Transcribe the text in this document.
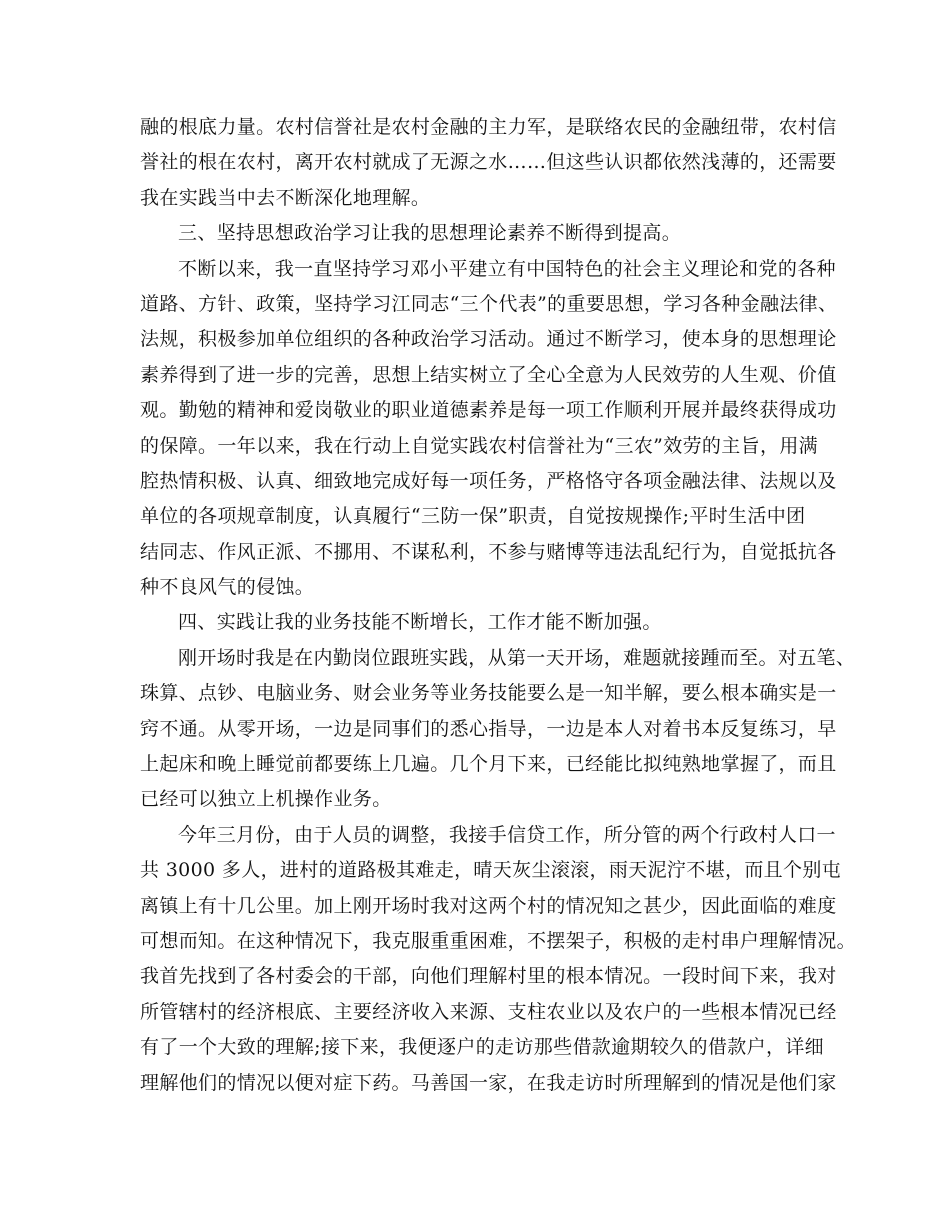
融的根底力量。农村信誉社是农村金融的主力军，是联络农民的金融纽带，农村信
誉社的根在农村，离开农村就成了无源之水……但这些认识都依然浅薄的，还需要
我在实践当中去不断深化地理解。
三、坚持思想政治学习让我的思想理论素养不断得到提高。
不断以来，我一直坚持学习邓小平建立有中国特色的社会主义理论和党的各种
道路、方针、政策，坚持学习江同志“三个代表”的重要思想，学习各种金融法律、
法规，积极参加单位组织的各种政治学习活动。通过不断学习，使本身的思想理论
素养得到了进一步的完善，思想上结实树立了全心全意为人民效劳的人生观、价值
观。勤勉的精神和爱岗敬业的职业道德素养是每一项工作顺利开展并最终获得成功
的保障。一年以来，我在行动上自觉实践农村信誉社为“三农”效劳的主旨，用满
腔热情积极、认真、细致地完成好每一项任务，严格恪守各项金融法律、法规以及
单位的各项规章制度，认真履行“三防一保”职责，自觉按规操作;平时生活中团
结同志、作风正派、不挪用、不谋私利，不参与赌博等违法乱纪行为，自觉抵抗各
种不良风气的侵蚀。
四、实践让我的业务技能不断增长，工作才能不断加强。
刚开场时我是在内勤岗位跟班实践，从第一天开场，难题就接踵而至。对五笔、
珠算、点钞、电脑业务、财会业务等业务技能要么是一知半解，要么根本确实是一
窍不通。从零开场，一边是同事们的悉心指导，一边是本人对着书本反复练习，早
上起床和晚上睡觉前都要练上几遍。几个月下来，已经能比拟纯熟地掌握了，而且
已经可以独立上机操作业务。
今年三月份，由于人员的调整，我接手信贷工作，所分管的两个行政村人口一
共 3000 多人，进村的道路极其难走，晴天灰尘滚滚，雨天泥泞不堪，而且个别屯
离镇上有十几公里。加上刚开场时我对这两个村的情况知之甚少，因此面临的难度
可想而知。在这种情况下，我克服重重困难，不摆架子，积极的走村串户理解情况。
我首先找到了各村委会的干部，向他们理解村里的根本情况。一段时间下来，我对
所管辖村的经济根底、主要经济收入来源、支柱农业以及农户的一些根本情况已经
有了一个大致的理解;接下来，我便逐户的走访那些借款逾期较久的借款户，详细
理解他们的情况以便对症下药。马善国一家，在我走访时所理解到的情况是他们家
